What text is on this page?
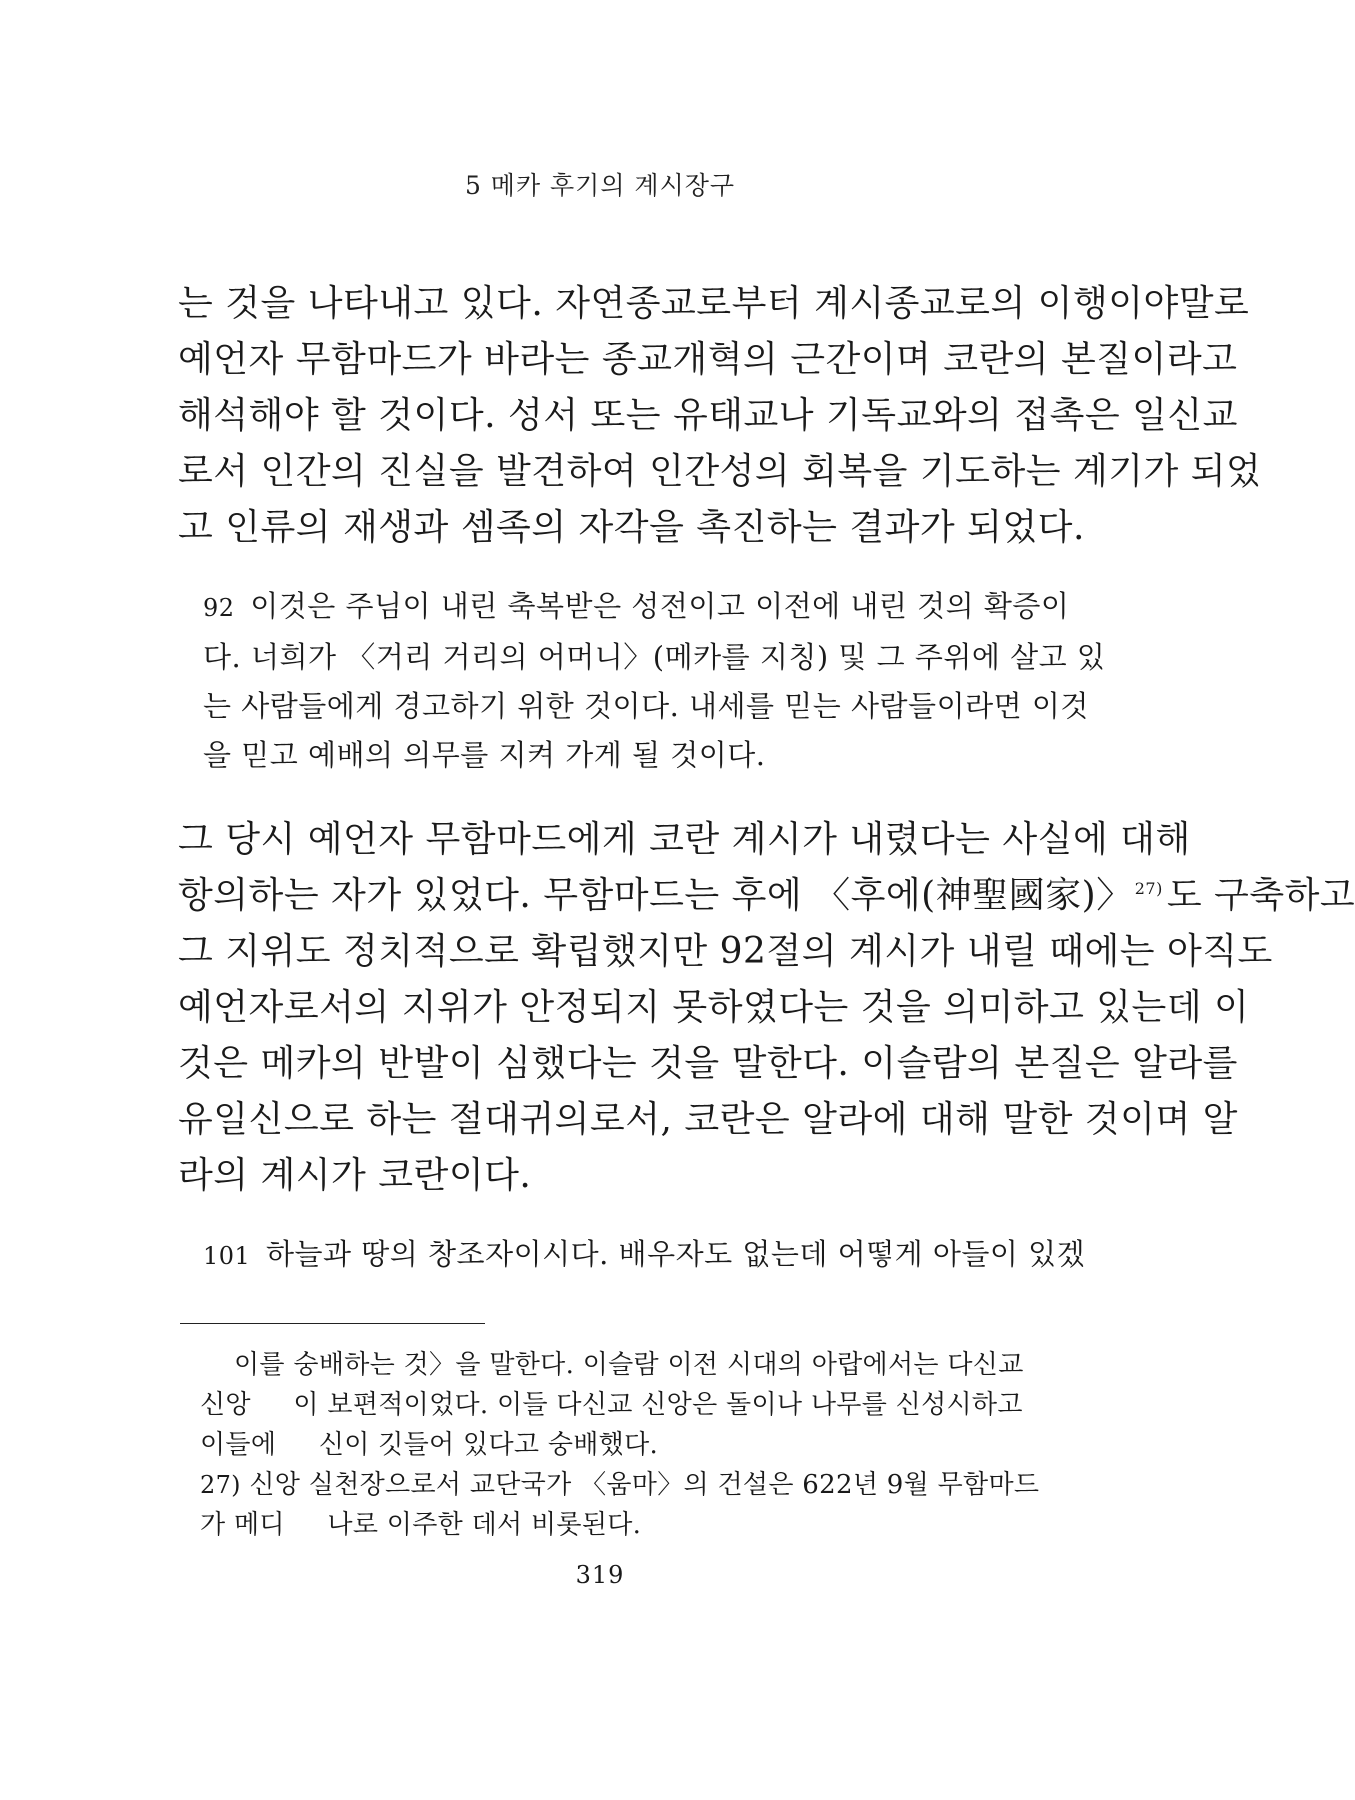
5 메카 후기의 계시장구
는 것을 나타내고 있다. 자연종교로부터 계시종교로의 이행이야말로
예언자 무함마드가 바라는 종교개혁의 근간이며 코란의 본질이라고
해석해야 할 것이다. 성서 또는 유태교나 기독교와의 접촉은 일신교
로서 인간의 진실을 발견하여 인간성의 회복을 기도하는 계기가 되었
고 인류의 재생과 셈족의 자각을 촉진하는 결과가 되었다.
92 이것은 주님이 내린 축복받은 성전이고 이전에 내린 것의 확증이
다. 너희가 〈거리 거리의 어머니〉(메카를 지칭) 및 그 주위에 살고 있
는 사람들에게 경고하기 위한 것이다. 내세를 믿는 사람들이라면 이것
을 믿고 예배의 의무를 지켜 가게 될 것이다.
그 당시 예언자 무함마드에게 코란 계시가 내렸다는 사실에 대해
항의하는 자가 있었다. 무함마드는 후에 〈후에(神聖國家)〉 $^{27)}$ 도 구축하고
그 지위도 정치적으로 확립했지만 92절의 계시가 내릴 때에는 아직도
예언자로서의 지위가 안정되지 못하였다는 것을 의미하고 있는데 이
것은 메카의 반발이 심했다는 것을 말한다. 이슬람의 본질은 알라를
유일신으로 하는 절대귀의로서, 코란은 알라에 대해 말한 것이며 알
라의 계시가 코란이다.
101 하늘과 땅의 창조자이시다. 배우자도 없는데 어떻게 아들이 있겠
이를 숭배하는 것〉을 말한다. 이슬람 이전 시대의 아랍에서는 다신교 신앙 이 보편적이었다. 이들 다신교 신앙은 돌이나 나무를 신성시하고 이들에 신이 깃들어 있다고 숭배했다.
27) 신앙 실천장으로서 교단국가 〈움마〉의 건설은 622년 9월 무함마드가 메디 나로 이주한 데서 비롯된다.
319
